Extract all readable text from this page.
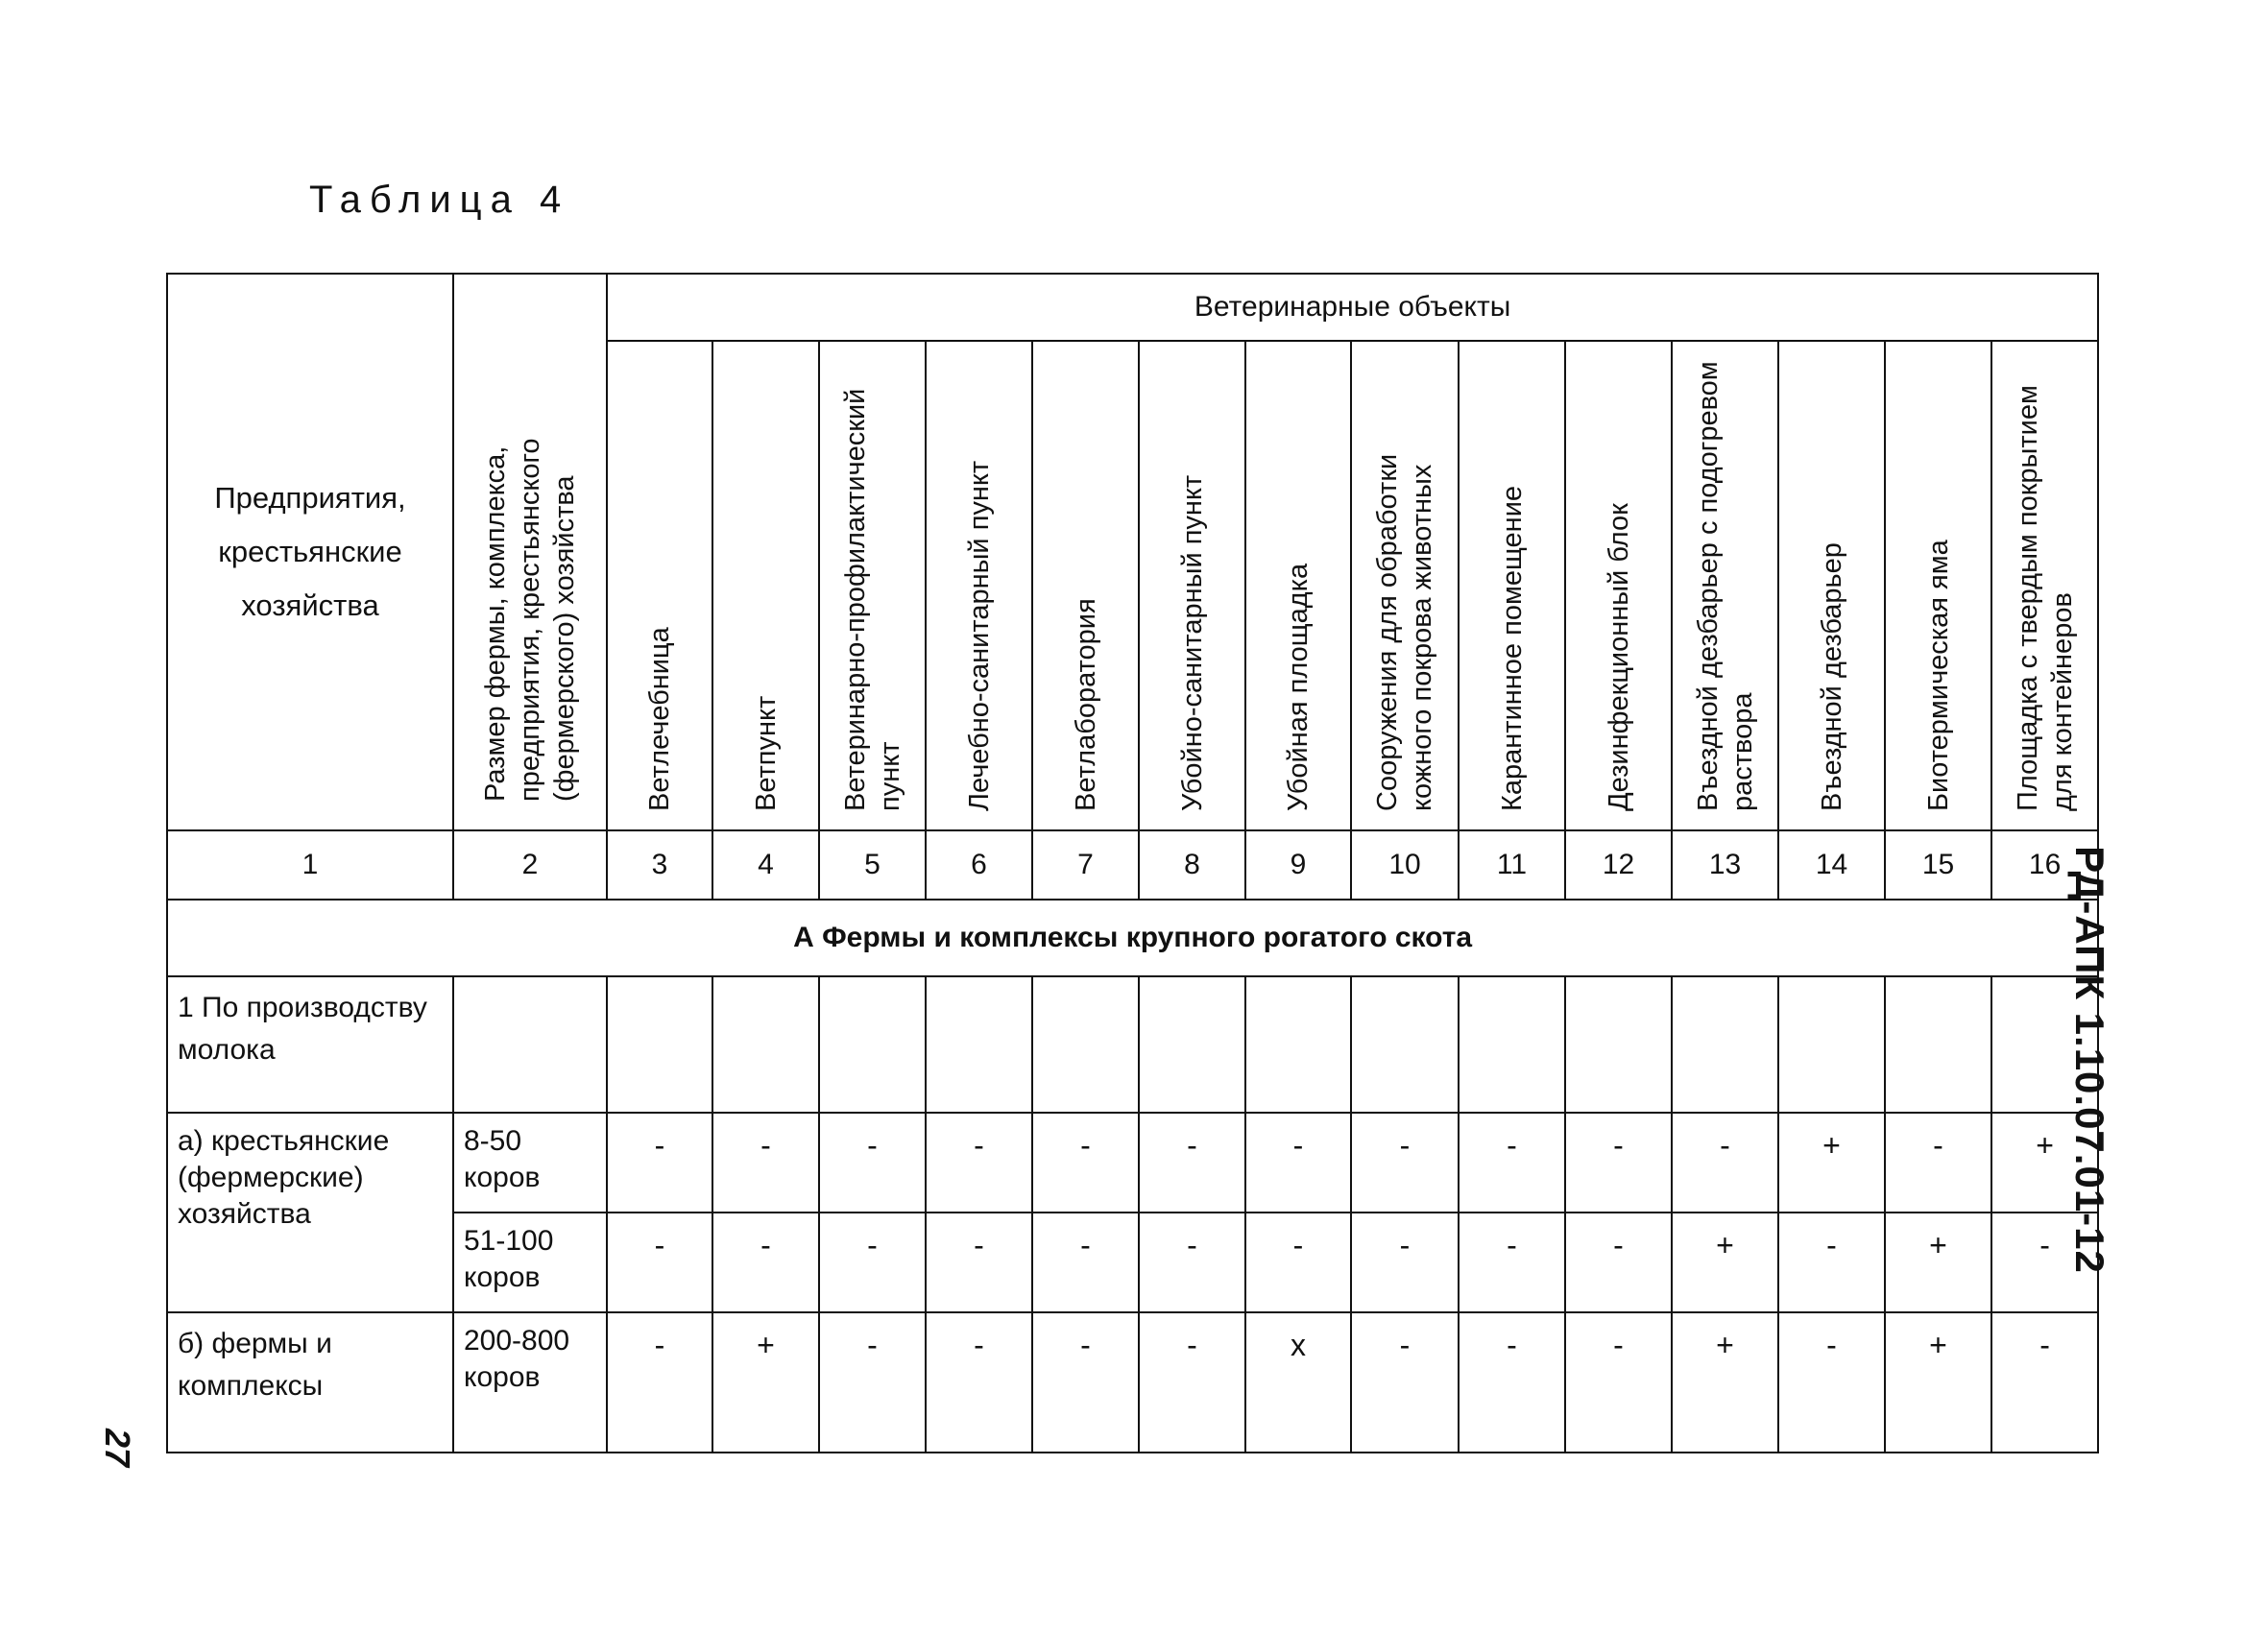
Таблица 4
Предприятия, крестьянские хозяйства	Размер фермы, комплекса, предприятия, крестьянского (фермерского) хозяйства	Ветеринарные объекты													

		Ветлечебница	Ветпункт	Ветеринарно-профилактический пункт	Лечебно-санитарный пункт	Ветлаборатория	Убойно-санитарный пункт	Убойная площадка	Сооружения для обработки кожного покрова животных	Карантинное помещение	Дезинфекционный блок	Въездной дезбарьер с подогревом раствора	Въездной дезбарьер	Биотермическая яма	Площадка с твердым покрытием для контейнеров

1	2	3	4	5	6	7	8	9	10	11	12	13	14	15	16
А Фермы и комплексы крупного рогатого скота															
1 По производству молока															
а) крестьянские (фермерские) хозяйства	8-50 коров	-	-	-	-	-	-	-	-	-	-	-	+	-	+
	51-100 коров	-	-	-	-	-	-	-	-	-	-	+	-	+	-
б) фермы и комплексы	200-800 коров	-	+	-	-	-	-	x	-	-	-	+	-	+	-
РД-АПК 1.10.07.01-12
27
